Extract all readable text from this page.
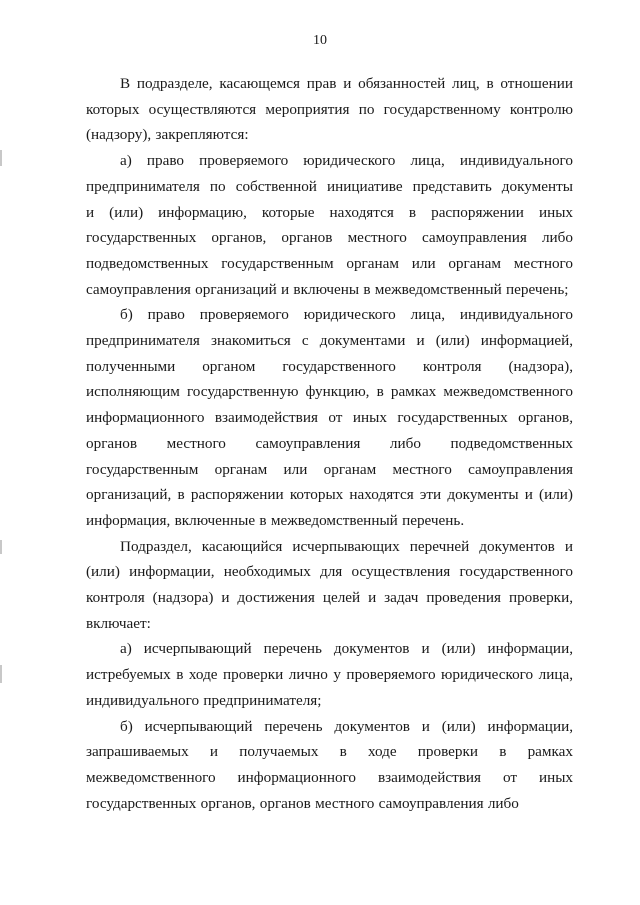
10
В подразделе, касающемся прав и обязанностей лиц, в отношении
которых осуществляются мероприятия по государственному контролю
(надзору), закрепляются:
а) право проверяемого юридического лица, индивидуального
предпринимателя по собственной инициативе представить документы
и (или) информацию, которые находятся в распоряжении иных
государственных органов, органов местного самоуправления либо
подведомственных государственным органам или органам местного
самоуправления организаций и включены в межведомственный перечень;
б) право проверяемого юридического лица, индивидуального
предпринимателя знакомиться с документами и (или) информацией,
полученными органом государственного контроля (надзора),
исполняющим государственную функцию, в рамках межведомственного
информационного взаимодействия от иных государственных органов,
органов местного самоуправления либо подведомственных
государственным органам или органам местного самоуправления
организаций, в распоряжении которых находятся эти документы и (или)
информация, включенные в межведомственный перечень.
Подраздел, касающийся исчерпывающих перечней документов и
(или) информации, необходимых для осуществления государственного
контроля (надзора) и достижения целей и задач проведения проверки,
включает:
а) исчерпывающий перечень документов и (или) информации,
истребуемых в ходе проверки лично у проверяемого юридического лица,
индивидуального предпринимателя;
б) исчерпывающий перечень документов и (или) информации,
запрашиваемых и получаемых в ходе проверки в рамках
межведомственного информационного взаимодействия от иных
государственных органов, органов местного самоуправления либо
